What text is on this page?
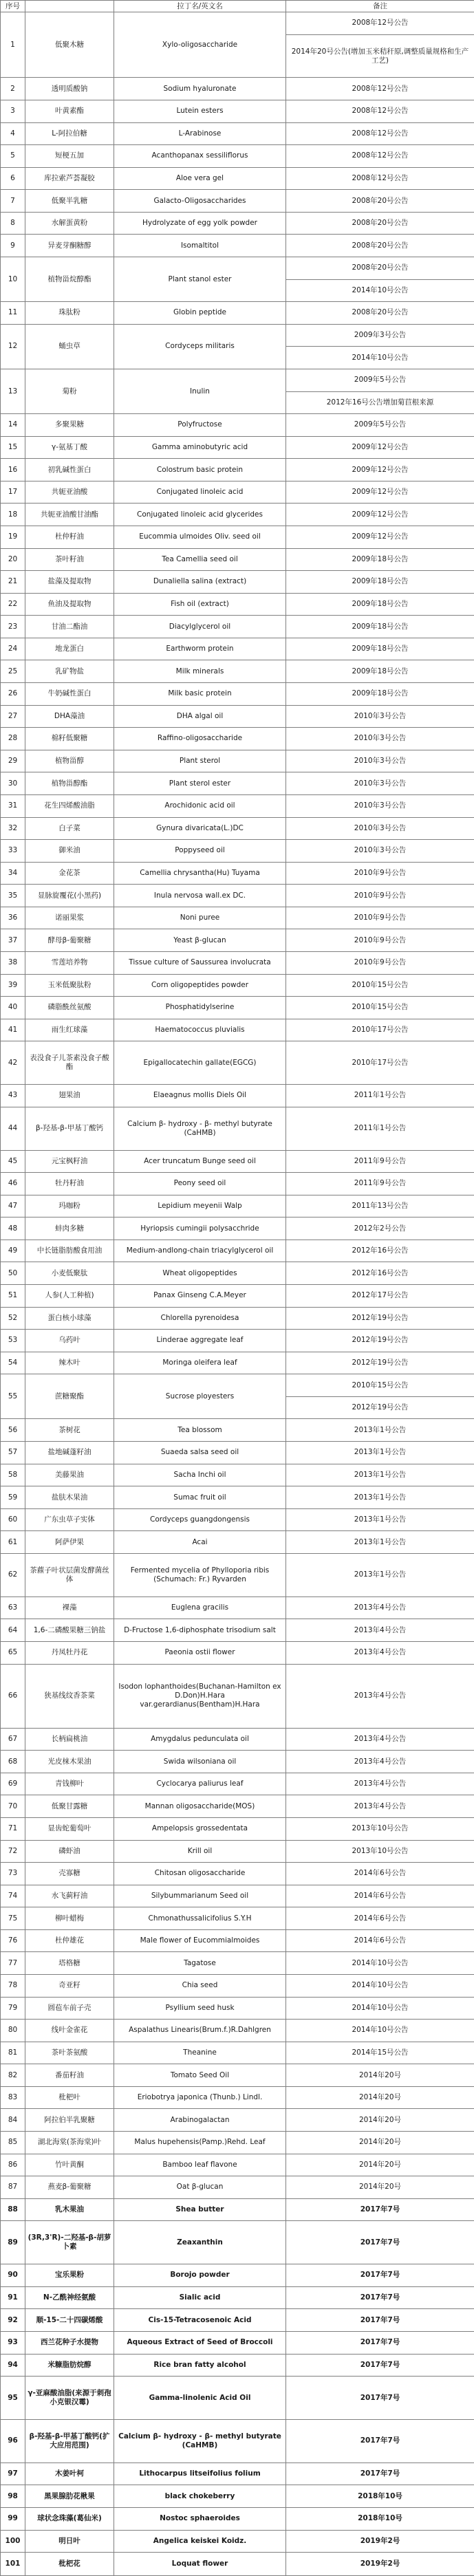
序号		拉丁名/英文名	备注
1	低聚木糖	Xylo-oligosaccharide	2008年12号公告
			2014年20号公告(增加玉米秸秆原,调整质量规格和生产工艺)
2	透明质酸钠	Sodium hyaluronate	2008年12号公告
3	叶黄素酯	Lutein esters	2008年12号公告
4	L-阿拉伯糖	L-Arabinose	2008年12号公告
5	短梗五加	Acanthopanax sessiliflorus	2008年12号公告
6	库拉索芦荟凝胶	Aloe vera gel	2008年12号公告
7	低聚半乳糖	Galacto-Oligosaccharides	2008年20号公告
8	水解蛋黄粉	Hydrolyzate of egg yolk powder	2008年20号公告
9	异麦芽酮糖醇	Isomaltitol	2008年20号公告
10	植物甾烷醇酯	Plant stanol ester	2008年20号公告
			2014年10号公告
11	珠肽粉	Globin peptide	2008年20号公告
12	蛹虫草	Cordyceps militaris	2009年3号公告
			2014年10号公告
13	菊粉	Inulin	2009年5号公告
			2012年16号公告增加菊苣根来源
14	多聚果糖	Polyfructose	2009年5号公告
15	γ-氨基丁酸	Gamma aminobutyric acid	2009年12号公告
16	初乳碱性蛋白	Colostrum basic protein	2009年12号公告
17	共轭亚油酸	Conjugated linoleic acid	2009年12号公告
18	共轭亚油酸甘油酯	Conjugated linoleic acid glycerides	2009年12号公告
19	杜仲籽油	Eucommia ulmoides Oliv. seed oil	2009年12号公告
20	茶叶籽油	Tea Camellia seed oil	2009年18号公告
21	盐藻及提取物	Dunaliella salina (extract)	2009年18号公告
22	鱼油及提取物	Fish oil (extract)	2009年18号公告
23	甘油二酯油	Diacylglycerol oil	2009年18号公告
24	地龙蛋白	Earthworm protein	2009年18号公告
25	乳矿物盐	Milk minerals	2009年18号公告
26	牛奶碱性蛋白	Milk basic protein	2009年18号公告
27	DHA藻油	DHA algal oil	2010年3号公告
28	棉籽低聚糖	Raffino-oligosaccharide	2010年3号公告
29	植物甾醇	Plant sterol	2010年3号公告
30	植物甾醇酯	Plant sterol ester	2010年3号公告
31	花生四烯酸油脂	Arochidonic acid oil	2010年3号公告
32	白子菜	Gynura divaricata(L.)DC	2010年3号公告
33	御米油	Poppyseed oil	2010年3号公告
34	金花茶	Camellia chrysantha(Hu) Tuyama	2010年9号公告
35	显脉旋覆花(小黑药)	Inula nervosa wall.ex DC.	2010年9号公告
36	诺丽果浆	Noni puree	2010年9号公告
37	酵母β-葡聚糖	Yeast β-glucan	2010年9号公告
38	雪莲培养物	Tissue culture of Saussurea involucrata	2010年9号公告
39	玉米低聚肽粉	Corn oligopeptides powder	2010年15号公告
40	磷脂酰丝氨酸	Phosphatidylserine	2010年15号公告
41	雨生红球藻	Haematococcus pluvialis	2010年17号公告
42	表没食子儿茶素没食子酸酯	Epigallocatechin gallate(EGCG)	2010年17号公告
43	翅果油	Elaeagnus mollis Diels Oil	2011年1号公告
44	β-羟基-β-甲基丁酸钙	Calcium β- hydroxy - β- methyl butyrate (CaHMB)	2011年1号公告
45	元宝枫籽油	Acer truncatum Bunge seed oil	2011年9号公告
46	牡丹籽油	Peony seed oil	2011年9号公告
47	玛咖粉	Lepidium meyenii Walp	2011年13号公告
48	蚌肉多糖	Hyriopsis cumingii polysacchride	2012年2号公告
49	中长链脂肪酸食用油	Medium-andlong-chain triacylglycerol oil	2012年16号公告
50	小麦低聚肽	Wheat oligopeptides	2012年16号公告
51	人参(人工种植)	Panax Ginseng C.A.Meyer	2012年17号公告
52	蛋白核小球藻	Chlorella pyrenoidesa	2012年19号公告
53	乌药叶	Linderae aggregate leaf	2012年19号公告
54	辣木叶	Moringa oleifera leaf	2012年19号公告
55	蔗糖聚酯	Sucrose ployesters	2010年15号公告
			2012年19号公告
56	茶树花	Tea blossom	2013年1号公告
57	盐地碱蓬籽油	Suaeda salsa seed oil	2013年1号公告
58	美藤果油	Sacha Inchi oil	2013年1号公告
59	盐肤木果油	Sumac fruit oil	2013年1号公告
60	广东虫草子实体	Cordyceps guangdongensis	2013年1号公告
61	阿萨伊果	Acai	2013年1号公告
62	茶藨子叶状层菌发酵菌丝体	Fermented mycelia of Phylloporia ribis (Schumach: Fr.) Ryvarden	2013年1号公告
63	裸藻	Euglena gracilis	2013年4号公告
64	1,6-二磷酸果糖三钠盐	D-Fructose 1,6-diphosphate trisodium salt	2013年4号公告
65	丹凤牡丹花	Paeonia ostii flower	2013年4号公告
66	狭基线纹香茶菜	Isodon lophanthoides(Buchanan-Hamilton ex D.Don)H.Hara var.gerardianus(Bentham)H.Hara	2013年4号公告
67	长柄扁桃油	Amygdalus pedunculata oil	2013年4号公告
68	光皮梾木果油	Swida wilsoniana oil	2013年4号公告
69	青钱柳叶	Cyclocarya paliurus leaf	2013年4号公告
70	低聚甘露糖	Mannan oligosaccharide(MOS)	2013年4号公告
71	显齿蛇葡萄叶	Ampelopsis grossedentata	2013年10号公告
72	磷虾油	Krill oil	2013年10号公告
73	壳寡糖	Chitosan oligosaccharide	2014年6号公告
74	水飞蓟籽油	Silybummarianum Seed oil	2014年6号公告
75	柳叶蜡梅	Chmonathussalicifolius S.Y.H	2014年6号公告
76	杜仲雄花	Male flower of Eucommialmoides	2014年6号公告
77	塔格糖	Tagatose	2014年10号公告
78	奇亚籽	Chia seed	2014年10号公告
79	圆苞车前子壳	Psyllium seed husk	2014年10号公告
80	线叶金雀花	Aspalathus Linearis(Brum.f.)R.Dahlgren	2014年10号公告
81	茶叶茶氨酸	Theanine	2014年15号公告
82	番茄籽油	Tomato Seed Oil	2014年20号
83	枇杷叶	Eriobotrya japonica (Thunb.) Lindl.	2014年20号
84	阿拉伯半乳聚糖	Arabinogalactan	2014年20号
85	湖北海棠(茶海棠)叶	Malus hupehensis(Pamp.)Rehd. Leaf	2014年20号
86	竹叶黄酮	Bamboo leaf flavone	2014年20号
87	燕麦β-葡聚糖	Oat β-glucan	2014年20号
88	乳木果油	Shea butter	2017年7号
89	(3R,3'R)-二羟基-β-胡萝卜素	Zeaxanthin	2017年7号
90	宝乐果粉	Borojo powder	2017年7号
91	N-乙酰神经氨酸	Sialic acid	2017年7号
92	顺-15-二十四碳烯酸	Cis-15-Tetracosenoic Acid	2017年7号
93	西兰花种子水提物	Aqueous Extract of Seed of Broccoli	2017年7号
94	米糠脂肪烷醇	Rice bran fatty alcohol	2017年7号
95	γ-亚麻酸油脂(来源于刺孢小克银汉霉)	Gamma-linolenic Acid Oil	2017年7号
96	β-羟基-β-甲基丁酸钙(扩大应用范围)	Calcium β- hydroxy - β- methyl butyrate (CaHMB)	2017年7号
97	木姜叶柯	Lithocarpus litseifolius folium	2017年7号
98	黑果腺肋花楸果	black chokeberry	2018年10号
99	球状念珠藻(葛仙米)	Nostoc sphaeroides	2018年10号
100	明日叶	Angelica keiskei Koidz.	2019年2号
101	枇杷花	Loquat flower	2019年2号
